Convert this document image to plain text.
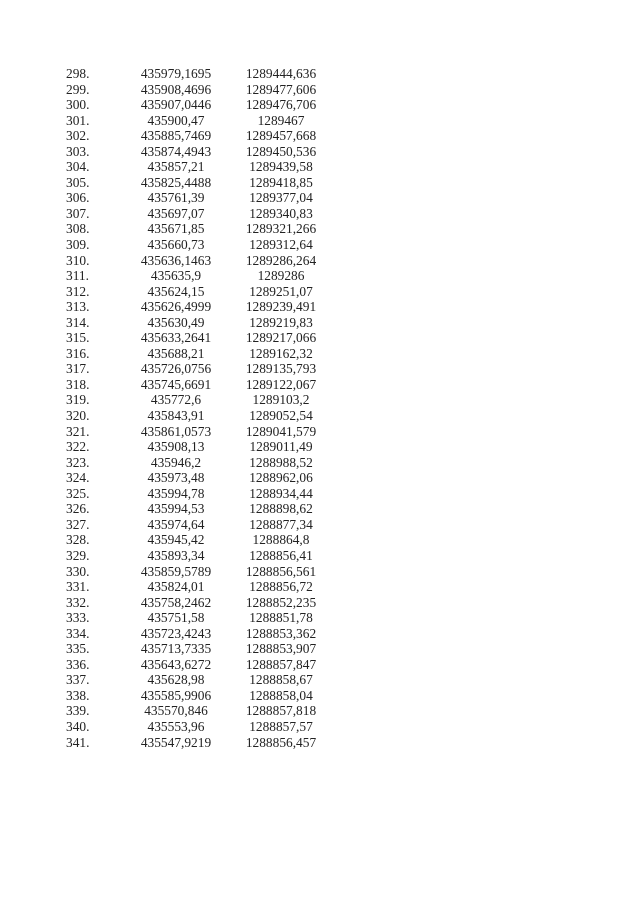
298.	435979,1695	1289444,636
299.	435908,4696	1289477,606
300.	435907,0446	1289476,706
301.	435900,47	1289467
302.	435885,7469	1289457,668
303.	435874,4943	1289450,536
304.	435857,21	1289439,58
305.	435825,4488	1289418,85
306.	435761,39	1289377,04
307.	435697,07	1289340,83
308.	435671,85	1289321,266
309.	435660,73	1289312,64
310.	435636,1463	1289286,264
311.	435635,9	1289286
312.	435624,15	1289251,07
313.	435626,4999	1289239,491
314.	435630,49	1289219,83
315.	435633,2641	1289217,066
316.	435688,21	1289162,32
317.	435726,0756	1289135,793
318.	435745,6691	1289122,067
319.	435772,6	1289103,2
320.	435843,91	1289052,54
321.	435861,0573	1289041,579
322.	435908,13	1289011,49
323.	435946,2	1288988,52
324.	435973,48	1288962,06
325.	435994,78	1288934,44
326.	435994,53	1288898,62
327.	435974,64	1288877,34
328.	435945,42	1288864,8
329.	435893,34	1288856,41
330.	435859,5789	1288856,561
331.	435824,01	1288856,72
332.	435758,2462	1288852,235
333.	435751,58	1288851,78
334.	435723,4243	1288853,362
335.	435713,7335	1288853,907
336.	435643,6272	1288857,847
337.	435628,98	1288858,67
338.	435585,9906	1288858,04
339.	435570,846	1288857,818
340.	435553,96	1288857,57
341.	435547,9219	1288856,457
